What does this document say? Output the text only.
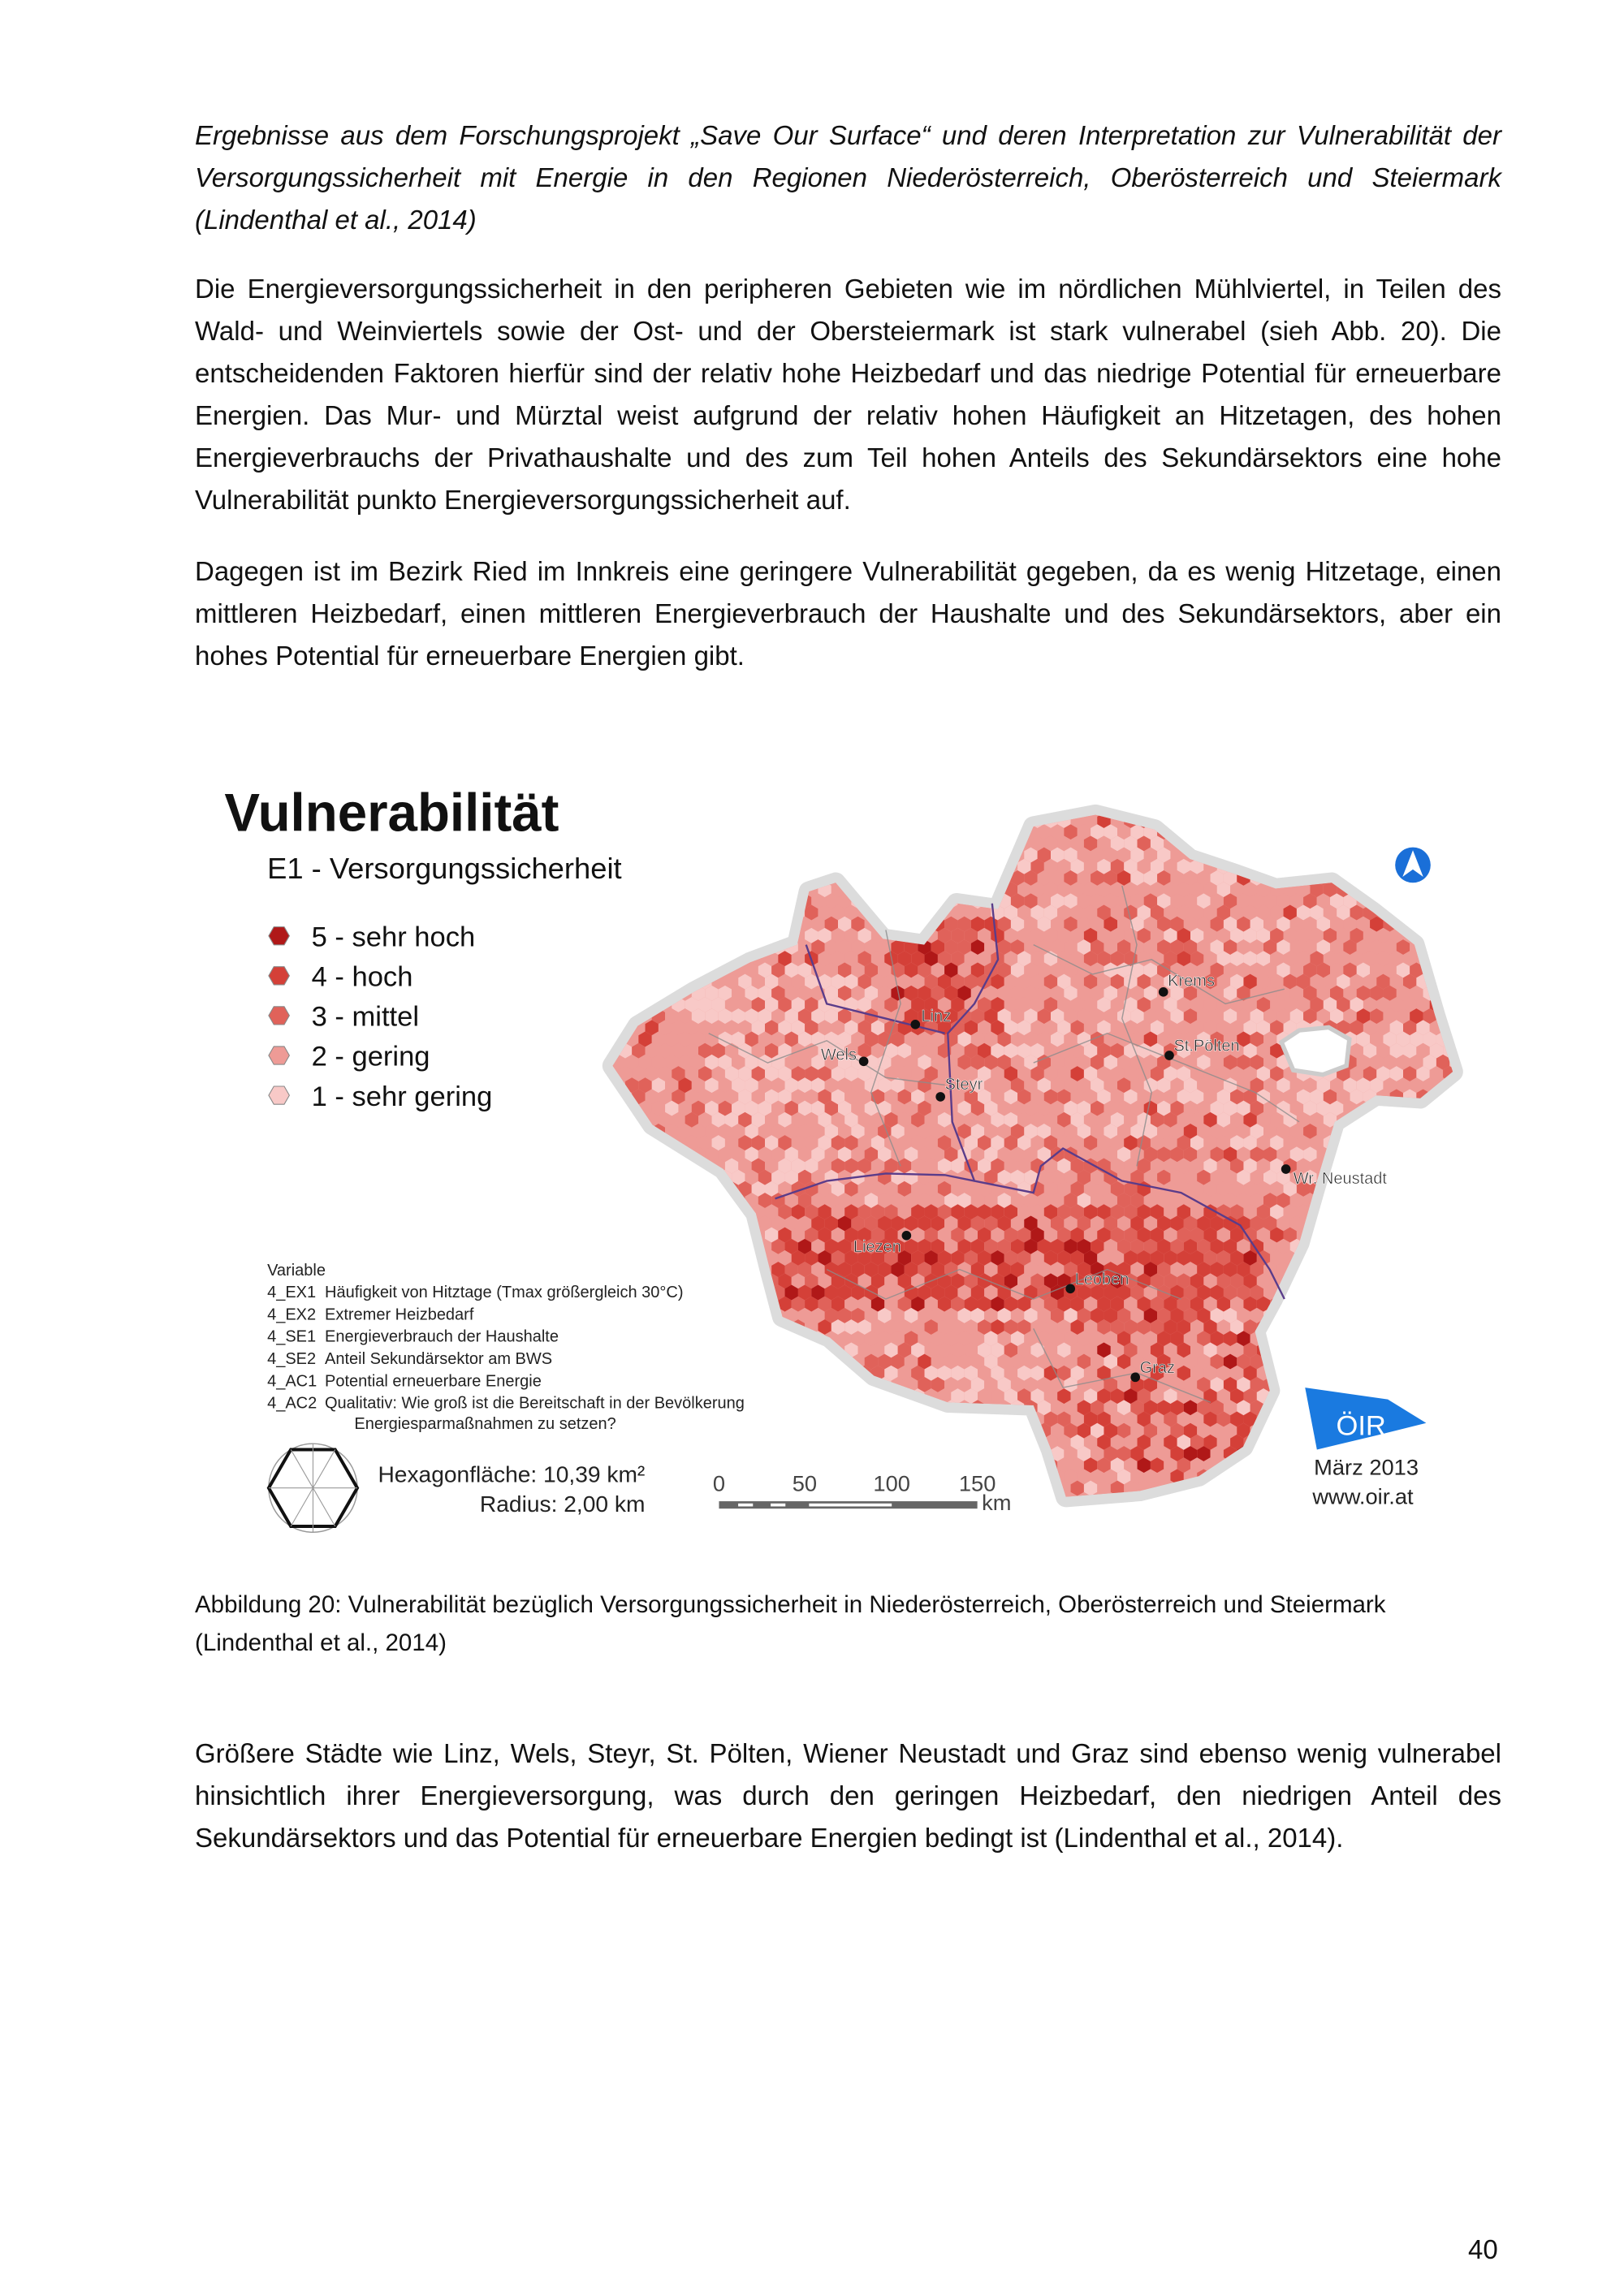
Ergebnisse aus dem Forschungsprojekt „Save Our Surface“ und deren Interpretation zur Vulnerabilität der Versorgungssicherheit mit Energie in den Regionen Niederösterreich, Oberösterreich und Steiermark (Lindenthal et al., 2014)

Die Energieversorgungssicherheit in den peripheren Gebieten wie im nördlichen Mühlviertel, in Teilen des Wald- und Weinviertels sowie der Ost- und der Obersteiermark ist stark vulnerabel (sieh Abb. 20). Die entscheidenden Faktoren hierfür sind der relativ hohe Heizbedarf und das niedrige Potential für erneuerbare Energien. Das Mur- und Mürztal weist aufgrund der relativ hohen Häufigkeit an Hitzetagen, des hohen Energieverbrauchs der Privathaushalte und des zum Teil hohen Anteils des Sekundärsektors eine hohe Vulnerabilität punkto Energieversorgungssicherheit auf.

Dagegen ist im Bezirk Ried im Innkreis eine geringere Vulnerabilität gegeben, da es wenig Hitzetage, einen mittleren Heizbedarf, einen mittleren Energieverbrauch der Haushalte und des Sekundärsektors, aber ein hohes Potential für erneuerbare Energien gibt.

Linz
Wels
Steyr
Krems
St.Pölten
Wr. Neustadt
Liezen
Leoben
Graz
Vulnerabilität
E1 - Versorgungssicherheit
5 - sehr hoch
4 - hoch
3 - mittel
2 - gering
1 - sehr gering
Variable
4_EX1 Häufigkeit von Hitztage (Tmax größergleich 30°C)
4_EX2 Extremer Heizbedarf
4_SE1 Energieverbrauch der Haushalte
4_SE2 Anteil Sekundärsektor am BWS
4_AC1 Potential erneuerbare Energie
4_AC2 Qualitativ: Wie groß ist die Bereitschaft in der Bevölkerung
Energiesparmaßnahmen zu setzen?
Hexagonfläche: 10,39 km²
Radius: 2,00 km
0	50	100	150
km
ÖIR
März 2013
www.oir.at

Abbildung 20: Vulnerabilität bezüglich Versorgungssicherheit in Niederösterreich, Oberösterreich und Steiermark (Lindenthal et al., 2014)

Größere Städte wie Linz, Wels, Steyr, St. Pölten, Wiener Neustadt und Graz sind ebenso wenig vulnerabel hinsichtlich ihrer Energieversorgung, was durch den geringen Heizbedarf, den niedrigen Anteil des Sekundärsektors und das Potential für erneuerbare Energien bedingt ist (Lindenthal et al., 2014).

40
